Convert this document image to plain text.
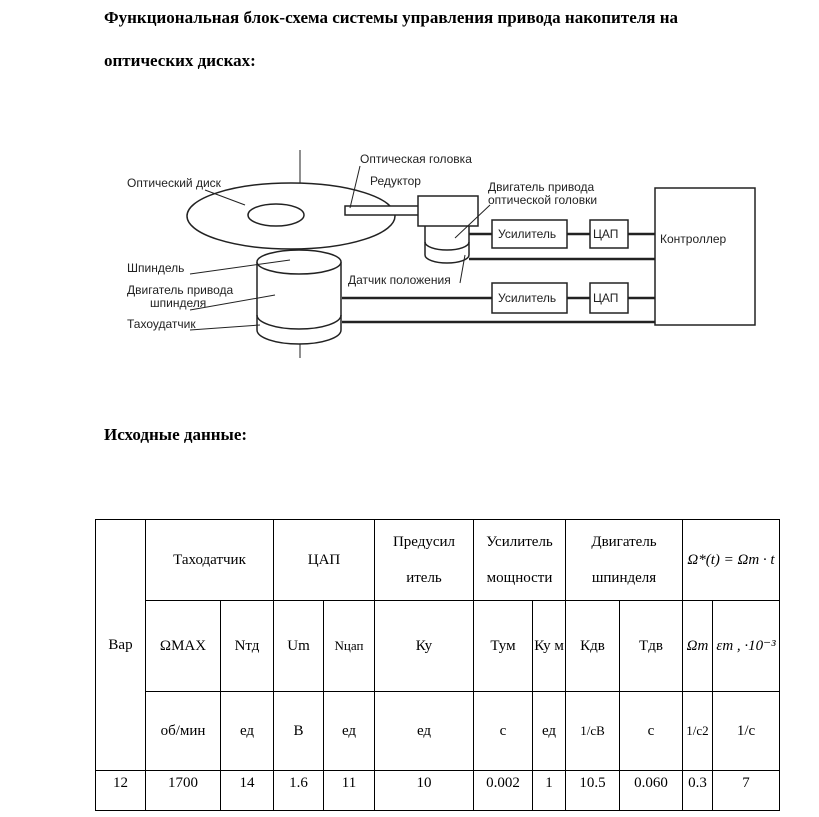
Функциональная блок-схема системы управления привода накопителя на
оптических дисках:
Оптический диск
Оптическая головка
Редуктор	Двигатель привода
оптической головки
Усилитель	ЦАП	Контроллер
Датчик положения
Шпиндель
Двигатель привода
шпинделя	Усилитель	ЦАП
Тахоудатчик
Исходные данные:
Вар	Таходатчик		ЦАП		Предусил итель	Усилитель мощности		Двигатель шпинделя		Ω*(t) = Ωm · t	
	ΩMAX	Nтд	Um	Nцап	Ку	Тум	Ку м	Кдв	Тдв	Ωm	εm , ·10⁻³
	об/мин	ед	В	ед	ед	с	ед	1/сВ	с	1/с2	1/с
12	1700	14	1.6	11	10	0.002	1	10.5	0.060	0.3	7
